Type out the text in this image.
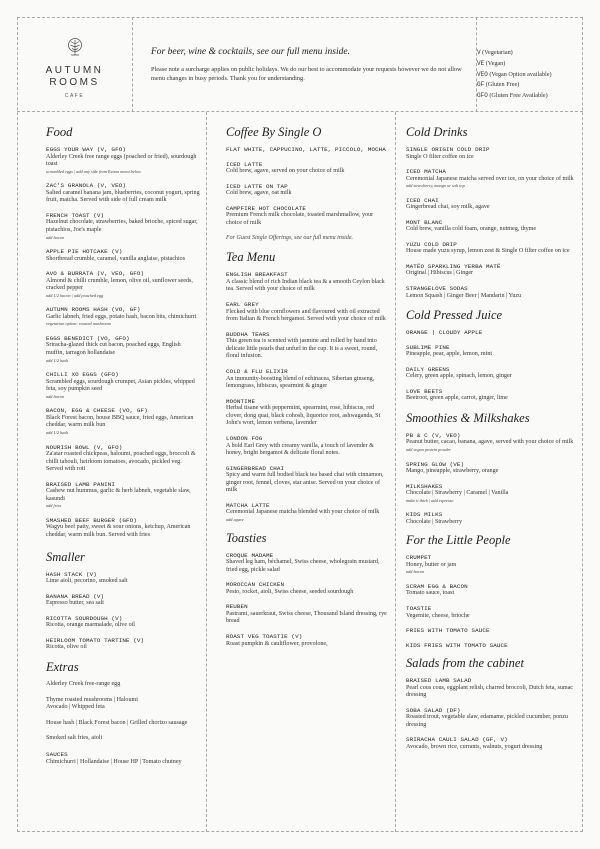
AUTUMN
ROOMS
CAFE
For beer, wine & cocktails, see our full menu inside.
Please note a surcharge applies on public holidays. We do our best to accommodate your requests however we do not allow menu changes in busy periods. Thank you for understanding.
V (Vegetarian)
VE (Vegan)
VEO (Vegan Option available)
GF (Gluten Free)
GFO (Gluten Free Available)
Food
EGGS YOUR WAY (V, GFO)
Alderley Creek free range eggs (poached or fried), sourdough toast
scrambled eggs | add any side from Extras menu below
ZAC'S GRANOLA (V, VEO)
Salted caramel banana jam, blueberries, coconut yogurt, spring fruit, matcha. Served with side of full cream milk
FRENCH TOAST (V)
Hazelnut chocolate, strawberries, baked brioche, spiced sugar, pistachios, Joe's maple
add bacon
APPLE PIE HOTCAKE (V)
Shortbread crumble, caramel, vanilla anglaise, pistachios
AVO & BURRATA (V, VEO, GFO)
Almond & chilli crumble, lemon, olive oil, sunflower seeds, cracked pepper
add 1/2 bacon | add poached egg
AUTUMN ROOMS HASH (VO, GF)
Garlic labneh, fried eggs, potato hash, bacon bits, chimichurri
vegetarian option: roasted mushroom
EGGS BENEDICT (VO, GFO)
Sriracha-glazed thick cut bacon, poached eggs, English muffin, tarragon hollandaise
add 1/2 hash
CHILLI XO EGGS (GFO)
Scrambled eggs, sourdough crumpet, Asian pickles, whipped feta, soy pumpkin seed
add bacon
BACON, EGG & CHEESE (VO, GF)
Black Forest bacon, house BBQ sauce, fried eggs, American cheddar, warm milk bun
add 1/2 hash
NOURISH BOWL (V, GFO)
Za'atar roasted chickpeas, haloumi, poached eggs, broccoli & chilli tabouli, heirloom tomatoes, avocado, pickled veg. Served with roti
BRAISED LAMB PANINI
Cashew nut hummus, garlic & herb labneh, vegetable slaw, kasundi
add fries
SMASHED BEEF BURGER (GFO)
Wagyu beef patty, sweet & sour onions, ketchup, American cheddar, warm milk bun. Served with fries
Smaller
HASH STACK (V)
Lime aioli, pecorino, smoked salt
BANANA BREAD (V)
Espresso butter, sea salt
RICOTTA SOURDOUGH (V)
Ricotta, orange marmalade, olive oil
HEIRLOOM TOMATO TARTINE (V)
Ricotta, olive oil
Extras
Alderley Creek free-range egg
Thyme roasted mushrooms | Haloumi
Avocado | Whipped feta
House hash | Black Forest bacon | Grilled chorizo sausage
Smoked salt fries, aioli
SAUCES
Chimichurri | Hollandaise | House HP | Tomato chutney
Coffee By Single O
FLAT WHITE, CAPPUCINO, LATTE, PICCOLO, MOCHA
ICED LATTE
Cold brew, agave, served on your choice of milk
ICED LATTE ON TAP
Cold brew, agave, oat milk
CAMPFIRE HOT CHOCOLATE
Premium French milk chocolate, toasted marshmallow, your choice of milk
For Guest Single Offerings, see our full menu inside.
Tea Menu
ENGLISH BREAKFAST
A classic blend of rich Indian black tea & a smooth Ceylon black tea. Served with your choice of milk
EARL GREY
Flecked with blue cornflowers and flavoured with oil extracted from Italian & French bergamot. Served with your choice of milk
BUDDHA TEARS
This green tea is scented with jasmine and rolled by hand into delicate little pearls that unfurl in the cup. It is a sweet, round, floral infusion.
COLD & FLU ELIXIR
An immunity-boosting blend of echinacea, Siberian ginseng, lemongrass, hibiscus, spearmint & ginger
MOONTIME
Herbal tisane with peppermint, spearmint, rose, hibiscus, red clover, dong quai, black cohosh, liquorice root, ashwaganda, St John's wort, lemon verbena, lavender
LONDON FOG
A bold Earl Grey with creamy vanilla, a touch of lavender & honey, bright bergamot & delicate floral notes.
GINGERBREAD CHAI
Spicy and warm full bodied black tea based chai with cinnamon, ginger root, fennel, cloves, star anise. Served on your choice of milk
MATCHA LATTE
Ceremonial Japanese matcha blended with your choice of milk
add agave
Toasties
CROQUE MADAME
Shaved leg ham, béchamel, Swiss cheese, wholegrain mustard, fried egg, pickle salad
MOROCCAN CHICKEN
Pesto, rocket, aioli, Swiss cheese, seeded sourdough
REUBEN
Pastrami, sauerkraut, Swiss cheese, Thousand Island dressing, rye bread
ROAST VEG TOASTIE (V)
Roast pumpkin & cauliflower, provolone,
Cold Drinks
SINGLE ORIGIN COLD DRIP
Single O filter coffee on ice
ICED MATCHA
Ceremonial Japanese matcha served over ice, on your choice of milk
add strawberry, mango or salt top
ICED CHAI
Gingerbread chai, soy milk, agave
MONT BLANC
Cold brew, vanilla cold foam, orange, nutmeg, thyme
YUZU COLD DRIP
House made yuzu syrup, lemon zest & Single O filter coffee on ice
MATÉO SPARKLING YERBA MATÉ
Original | Hibiscus | Ginger
STRANGELOVE SODAS
Lemon Squash | Ginger Beer | Mandarin | Yuzu
Cold Pressed Juice
ORANGE | CLOUDY APPLE
SUBLIME PINE
Pineapple, pear, apple, lemon, mint
DAILY GREENS
Celery, green apple, spinach, lemon, ginger
LOVE BEETS
Beetroot, green apple, carrot, ginger, lime
Smoothies & Milkshakes
PB & C (V, VEO)
Peanut butter, cacao, banana, agave, served with your choice of milk
add vegan protein powder
SPRING GLOW (VE)
Mango, pineapple, strawberry, orange
MILKSHAKES
Chocolate | Strawberry | Caramel | Vanilla
make it thick | add espresso
KIDS MILKS
Chocolate | Strawberry
For the Little People
CRUMPET
Honey, butter or jam
add bacon
SCRAM EGG & BACON
Tomato sauce, toast
TOASTIE
Vegemite, cheese, brioche
FRIES WITH TOMATO SAUCE
KIDS FRIES WITH TOMATO SAUCE
Salads from the cabinet
BRAISED LAMB SALAD
Pearl cous cous, eggplant relish, charred broccoli, Dutch feta, sumac dressing
SOBA SALAD (DF)
Roasted trout, vegetable slaw, edamame, pickled cucumber, ponzu dressing
SRIRACHA CAULI SALAD (GF, V)
Avocado, brown rice, currants, walnuts, yogurt dressing
